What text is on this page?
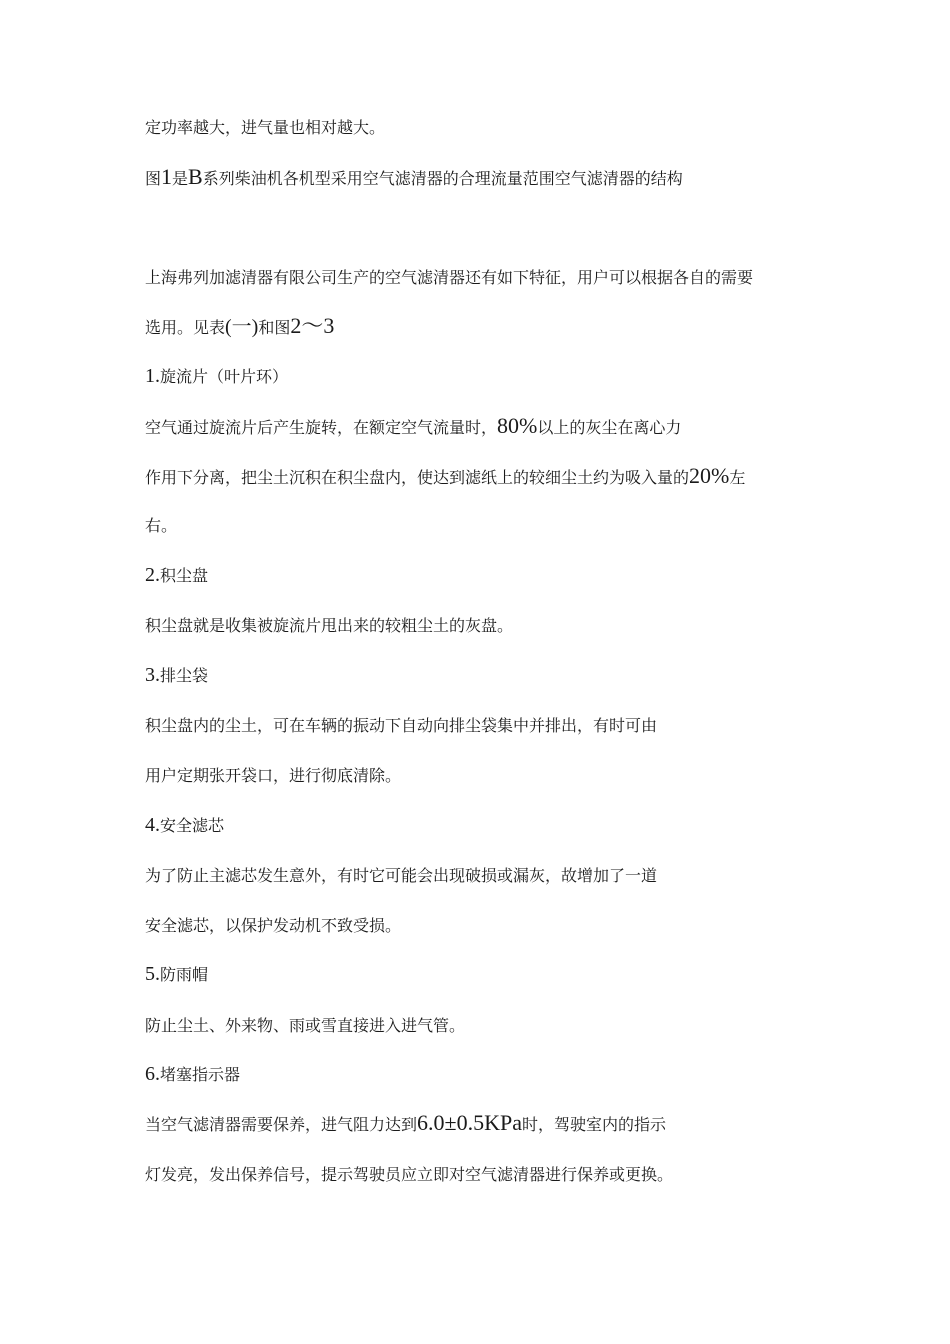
定功率越大，进气量也相对越大。
图1是B系列柴油机各机型采用空气滤清器的合理流量范围空气滤清器的结构
上海弗列加滤清器有限公司生产的空气滤清器还有如下特征，用户可以根据各自的需要
选用。见表(一)和图2～3
1.旋流片（叶片环）
空气通过旋流片后产生旋转，在额定空气流量时，80%以上的灰尘在离心力
作用下分离，把尘土沉积在积尘盘内，使达到滤纸上的较细尘土约为吸入量的20%左
右。
2.积尘盘
积尘盘就是收集被旋流片甩出来的较粗尘土的灰盘。
3.排尘袋
积尘盘内的尘土，可在车辆的振动下自动向排尘袋集中并排出，有时可由
用户定期张开袋口，进行彻底清除。
4.安全滤芯
为了防止主滤芯发生意外，有时它可能会出现破损或漏灰，故增加了一道
安全滤芯，以保护发动机不致受损。
5.防雨帽
防止尘土、外来物、雨或雪直接进入进气管。
6.堵塞指示器
当空气滤清器需要保养，进气阻力达到6.0±0.5KPa时，驾驶室内的指示
灯发亮，发出保养信号，提示驾驶员应立即对空气滤清器进行保养或更换。
